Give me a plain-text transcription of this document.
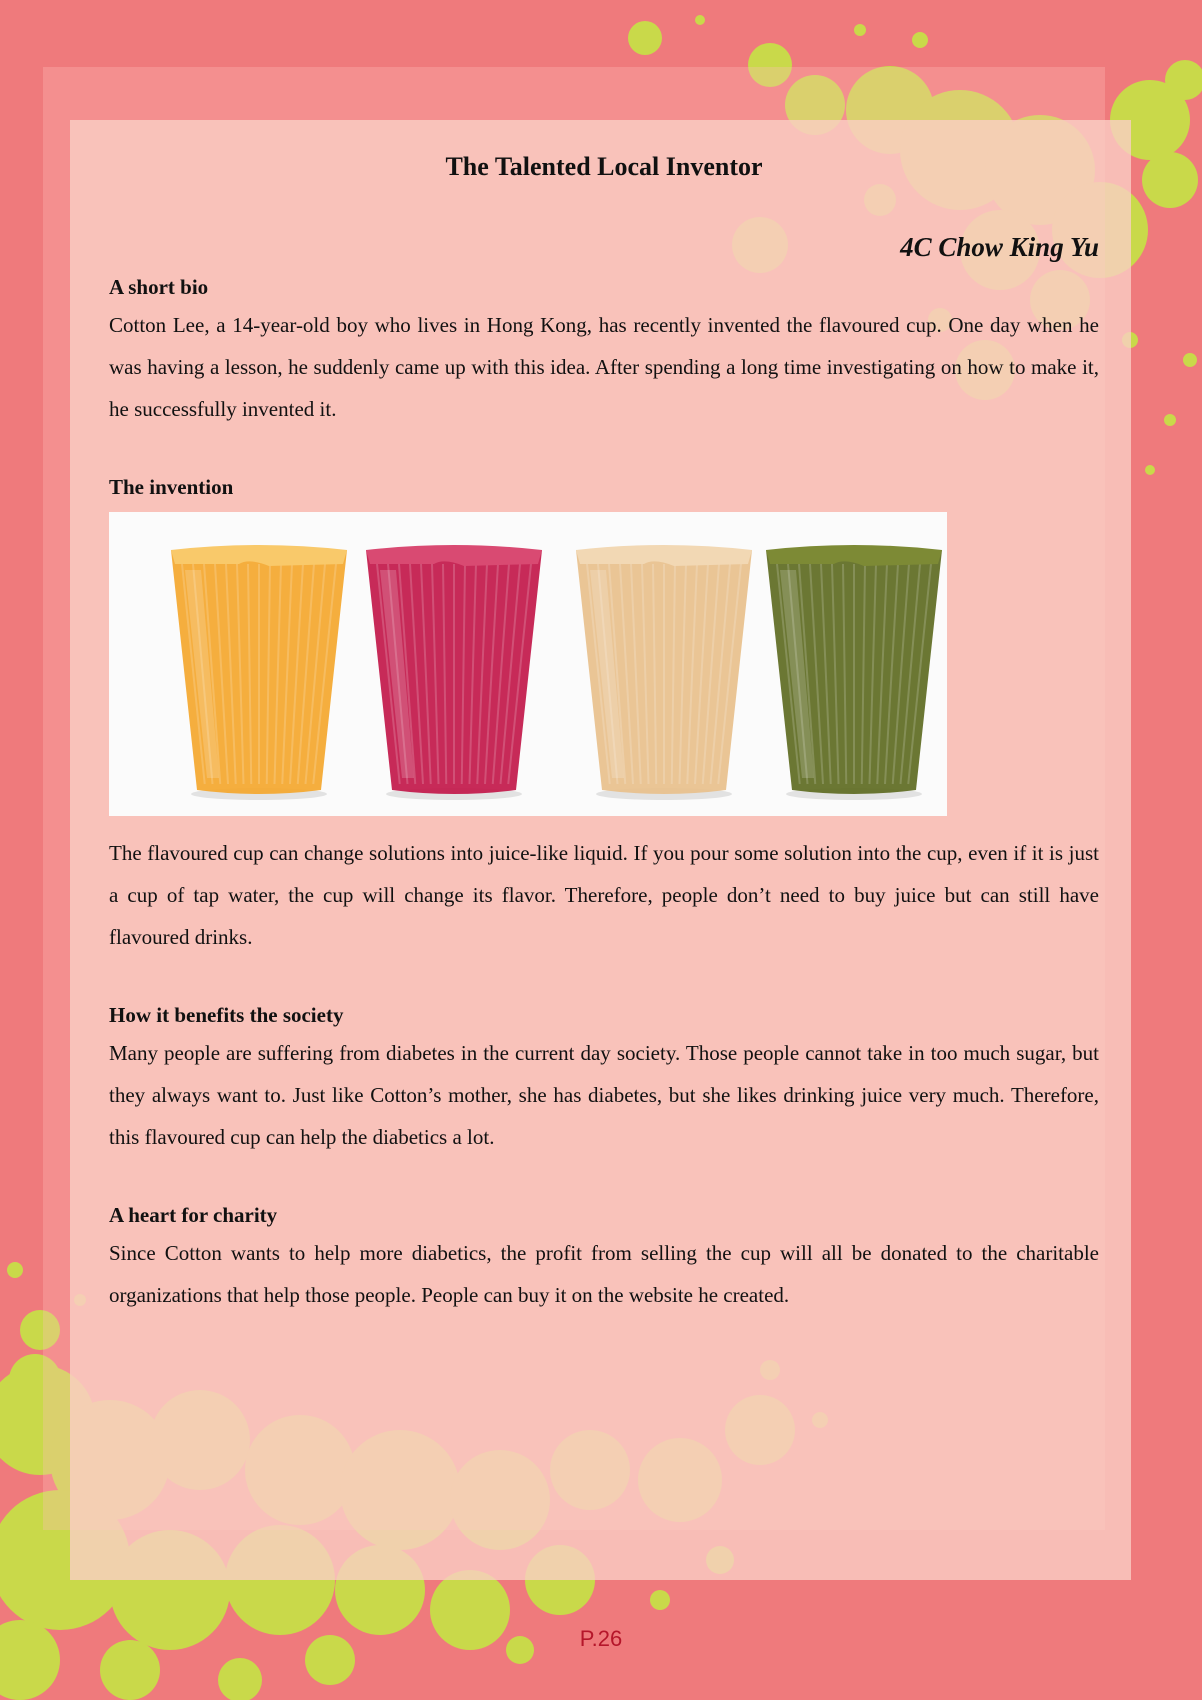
The Talented Local Inventor
4C Chow King Yu
A short bio

Cotton Lee, a 14-year-old boy who lives in Hong Kong, has recently invented the flavoured cup. One day when he was having a lesson, he suddenly came up with this idea. After spending a long time investigating on how to make it, he successfully invented it.

The invention

The flavoured cup can change solutions into juice-like liquid. If you pour some solution into the cup, even if it is just a cup of tap water, the cup will change its flavor. Therefore, people don’t need to buy juice but can still have flavoured drinks.

How it benefits the society

Many people are suffering from diabetes in the current day society. Those people cannot take in too much sugar, but they always want to. Just like Cotton’s mother, she has diabetes, but she likes drinking juice very much. Therefore, this flavoured cup can help the diabetics a lot.

A heart for charity

Since Cotton wants to help more diabetics, the profit from selling the cup will all be donated to the charitable organizations that help those people. People can buy it on the website he created.

P.26
